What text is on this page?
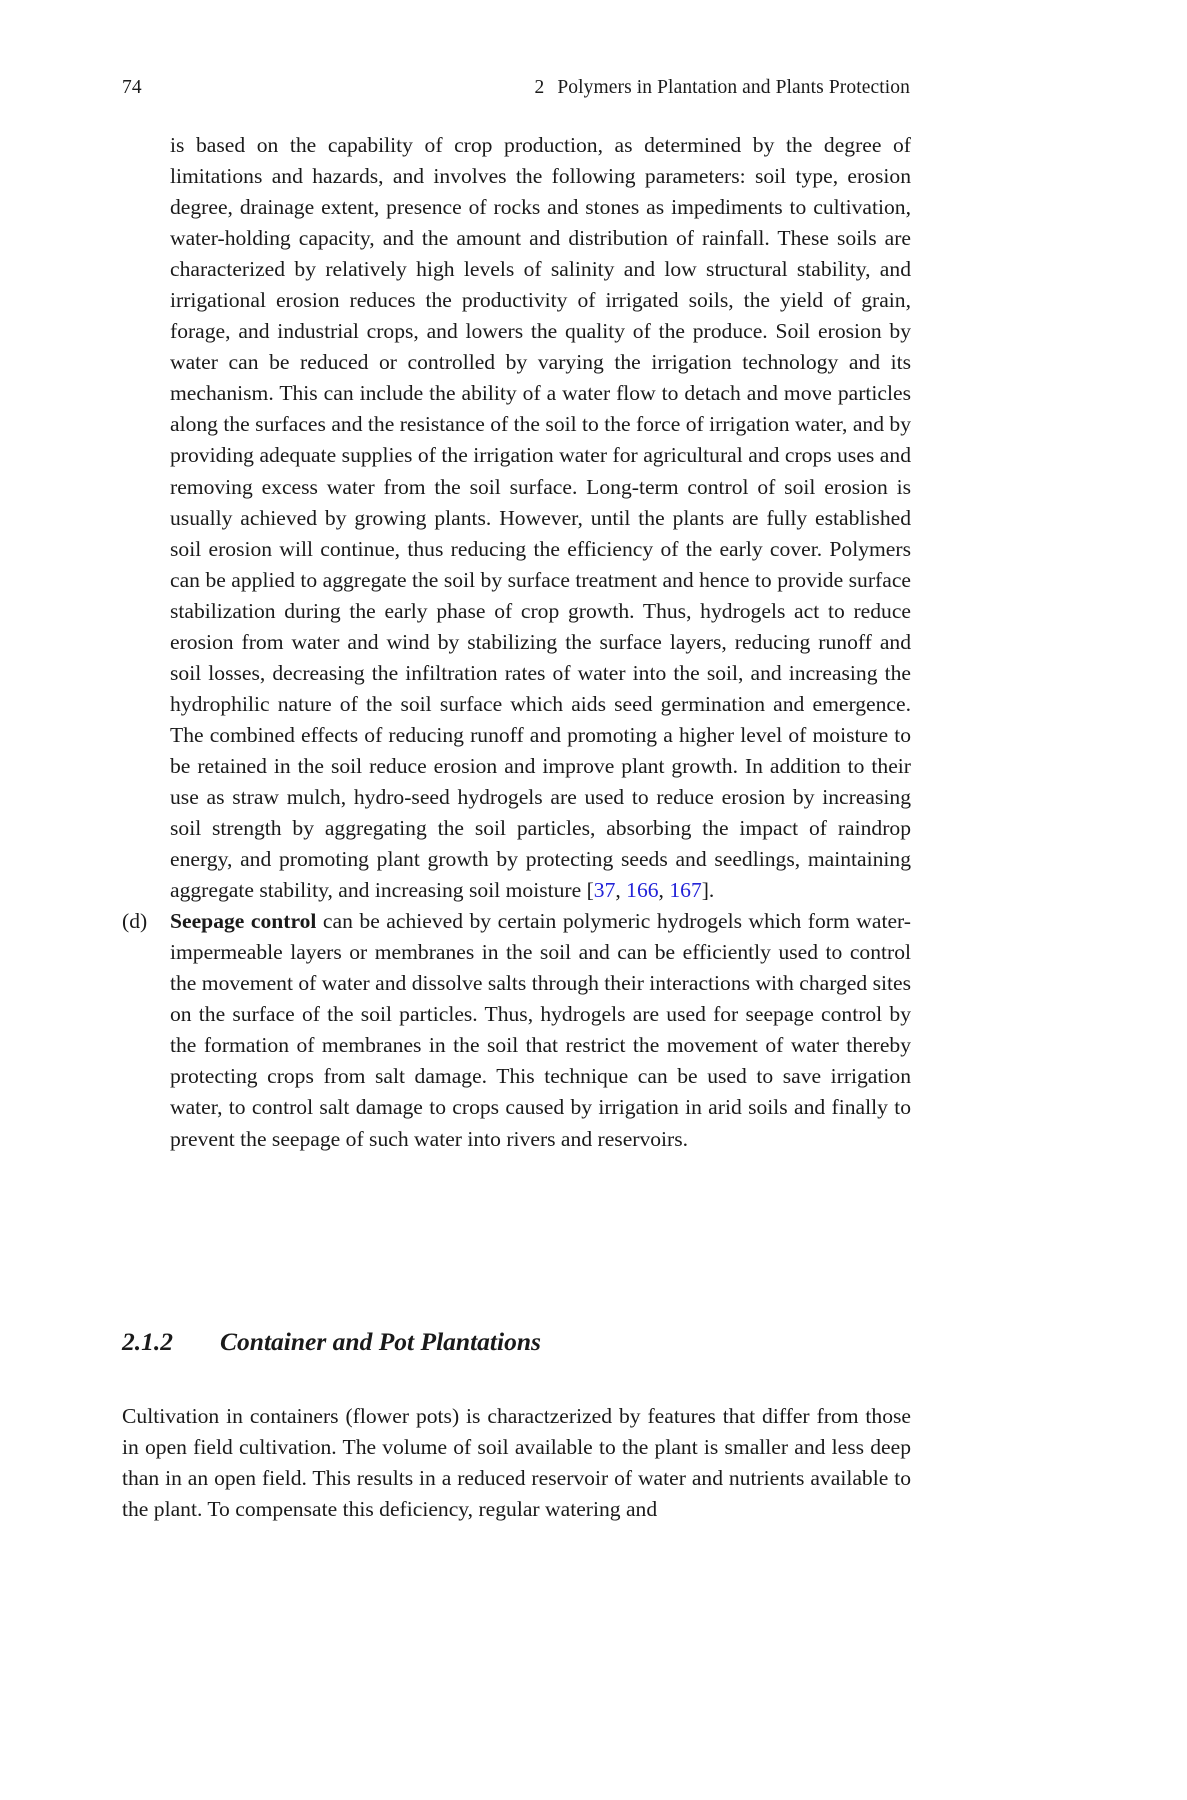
74	2 Polymers in Plantation and Plants Protection

is based on the capability of crop production, as determined by the degree of limitations and hazards, and involves the following parameters: soil type, erosion degree, drainage extent, presence of rocks and stones as impediments to cultivation, water-holding capacity, and the amount and distribution of rainfall. These soils are characterized by relatively high levels of salinity and low structural stability, and irrigational erosion reduces the productivity of irrigated soils, the yield of grain, forage, and industrial crops, and lowers the quality of the produce. Soil erosion by water can be reduced or controlled by varying the irrigation technology and its mechanism. This can include the ability of a water flow to detach and move particles along the surfaces and the resistance of the soil to the force of irrigation water, and by providing adequate supplies of the irrigation water for agricultural and crops uses and removing excess water from the soil surface. Long-term control of soil erosion is usually achieved by growing plants. However, until the plants are fully established soil erosion will continue, thus reducing the efficiency of the early cover. Polymers can be applied to aggregate the soil by surface treatment and hence to provide surface stabilization during the early phase of crop growth. Thus, hydrogels act to reduce erosion from water and wind by stabilizing the surface layers, reducing runoff and soil losses, decreasing the infiltration rates of water into the soil, and increasing the hydrophilic nature of the soil surface which aids seed germination and emergence. The combined effects of reducing runoff and promoting a higher level of moisture to be retained in the soil reduce erosion and improve plant growth. In addition to their use as straw mulch, hydro-seed hydrogels are used to reduce erosion by increasing soil strength by aggregating the soil particles, absorbing the impact of raindrop energy, and promoting plant growth by protecting seeds and seedlings, maintaining aggregate stability, and increasing soil moisture [37, 166, 167].

(d)	Seepage control can be achieved by certain polymeric hydrogels which form water-impermeable layers or membranes in the soil and can be efficiently used to control the movement of water and dissolve salts through their interactions with charged sites on the surface of the soil particles. Thus, hydrogels are used for seepage control by the formation of membranes in the soil that restrict the movement of water thereby protecting crops from salt damage. This technique can be used to save irrigation water, to control salt damage to crops caused by irrigation in arid soils and finally to prevent the seepage of such water into rivers and reservoirs.

2.1.2	Container and Pot Plantations

Cultivation in containers (flower pots) is charactzerized by features that differ from those in open field cultivation. The volume of soil available to the plant is smaller and less deep than in an open field. This results in a reduced reservoir of water and nutrients available to the plant. To compensate this deficiency, regular watering and
